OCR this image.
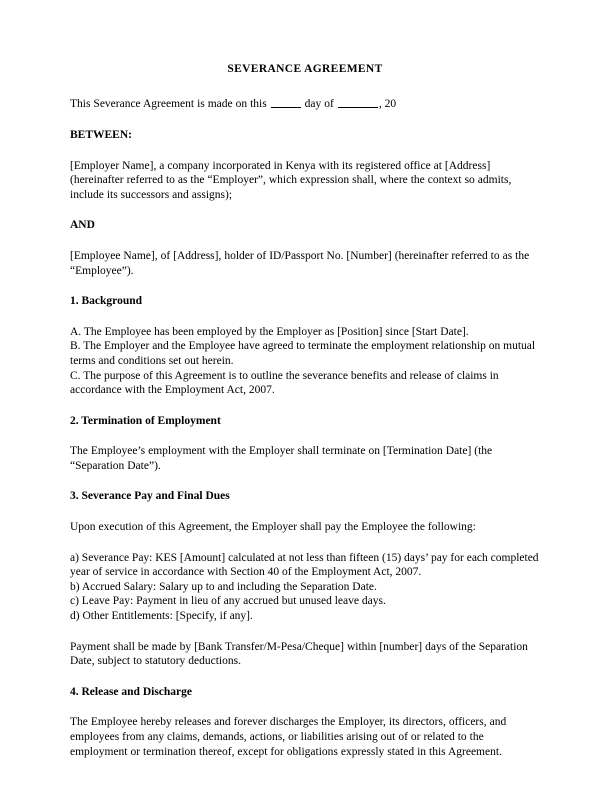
SEVERANCE AGREEMENT

This Severance Agreement is made on this	day of	, 20

BETWEEN:

[Employer Name], a company incorporated in Kenya with its registered office at [Address] (hereinafter referred to as the “Employer”, which expression shall, where the context so admits, include its successors and assigns);

AND

[Employee Name], of [Address], holder of ID/Passport No. [Number] (hereinafter referred to as the “Employee”).

1. Background

A. The Employee has been employed by the Employer as [Position] since [Start Date].

B. The Employer and the Employee have agreed to terminate the employment relationship on mutual terms and conditions set out herein.

C. The purpose of this Agreement is to outline the severance benefits and release of claims in accordance with the Employment Act, 2007.

2. Termination of Employment

The Employee’s employment with the Employer shall terminate on [Termination Date] (the “Separation Date”).

3. Severance Pay and Final Dues

Upon execution of this Agreement, the Employer shall pay the Employee the following:

a) Severance Pay: KES [Amount] calculated at not less than fifteen (15) days’ pay for each completed year of service in accordance with Section 40 of the Employment Act, 2007.

b) Accrued Salary: Salary up to and including the Separation Date.

c) Leave Pay: Payment in lieu of any accrued but unused leave days.

d) Other Entitlements: [Specify, if any].

Payment shall be made by [Bank Transfer/M-Pesa/Cheque] within [number] days of the Separation Date, subject to statutory deductions.

4. Release and Discharge

The Employee hereby releases and forever discharges the Employer, its directors, officers, and employees from any claims, demands, actions, or liabilities arising out of or related to the employment or termination thereof, except for obligations expressly stated in this Agreement.
